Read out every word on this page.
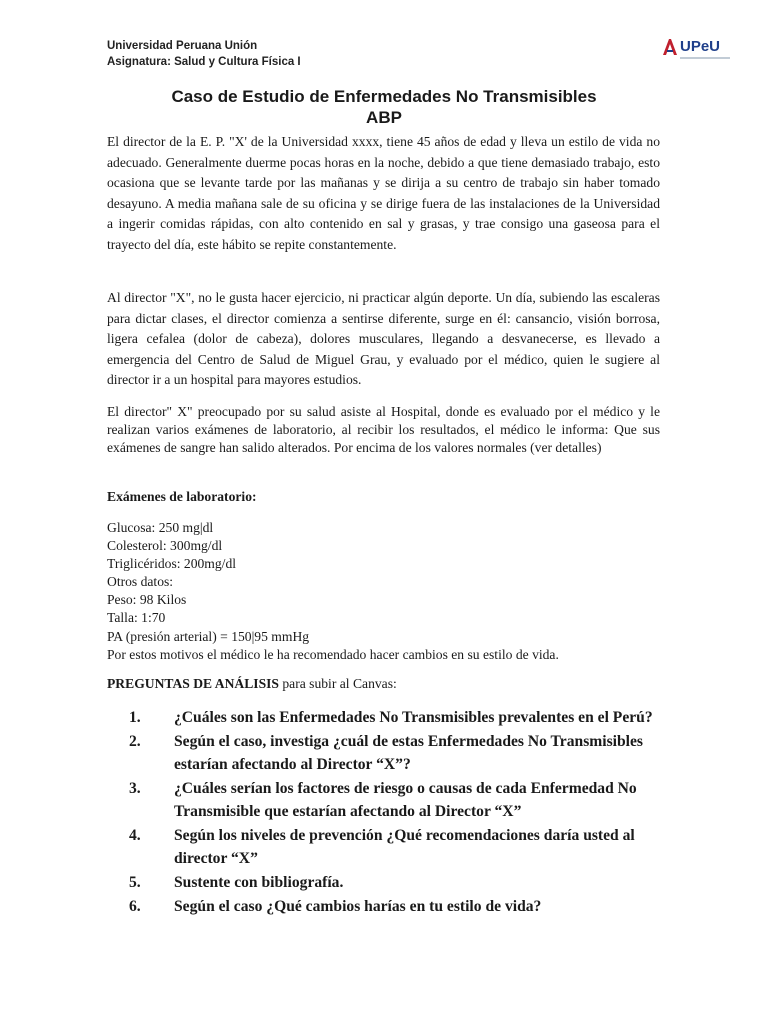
Universidad Peruana Unión
Asignatura: Salud y Cultura Física I
UPeU
Caso de Estudio de Enfermedades No Transmisibles
ABP
El director de la E. P. "X' de la Universidad xxxx, tiene 45 años de edad y lleva un estilo de vida no adecuado. Generalmente duerme pocas horas en la noche, debido a que tiene demasiado trabajo, esto ocasiona que se levante tarde por las mañanas y se dirija a su centro de trabajo sin haber tomado desayuno. A media mañana sale de su oficina y se dirige fuera de las instalaciones de la Universidad a ingerir comidas rápidas, con alto contenido en sal y grasas, y trae consigo una gaseosa para el trayecto del día, este hábito se repite constantemente.
Al director "X", no le gusta hacer ejercicio, ni practicar algún deporte. Un día, subiendo las escaleras para dictar clases, el director comienza a sentirse diferente, surge en él: cansancio, visión borrosa, ligera cefalea (dolor de cabeza), dolores musculares, llegando a desvanecerse, es llevado a emergencia del Centro de Salud de Miguel Grau, y evaluado por el médico, quien le sugiere al director ir a un hospital para mayores estudios.
El director" X" preocupado por su salud asiste al Hospital, donde es evaluado por el médico y le realizan varios exámenes de laboratorio, al recibir los resultados, el médico le informa: Que sus exámenes de sangre han salido alterados. Por encima de los valores normales (ver detalles)
Exámenes de laboratorio:
Glucosa: 250 mg|dl
Colesterol: 300mg/dl
Triglicéridos: 200mg/dl
Otros datos:
Peso: 98 Kilos
Talla: 1:70
PA (presión arterial) = 150|95 mmHg
Por estos motivos el médico le ha recomendado hacer cambios en su estilo de vida.
PREGUNTAS DE ANÁLISIS para subir al Canvas:
1.	¿Cuáles son las Enfermedades No Transmisibles prevalentes en el Perú?
2.	Según el caso, investiga ¿cuál de estas Enfermedades No Transmisibles estarían afectando al Director “X”?
3.	¿Cuáles serían los factores de riesgo o causas de cada Enfermedad No Transmisible que estarían afectando al Director “X”
4.	Según los niveles de prevención ¿Qué recomendaciones daría usted al director “X”
5.	Sustente con bibliografía.
6.	Según el caso ¿Qué cambios harías en tu estilo de vida?
